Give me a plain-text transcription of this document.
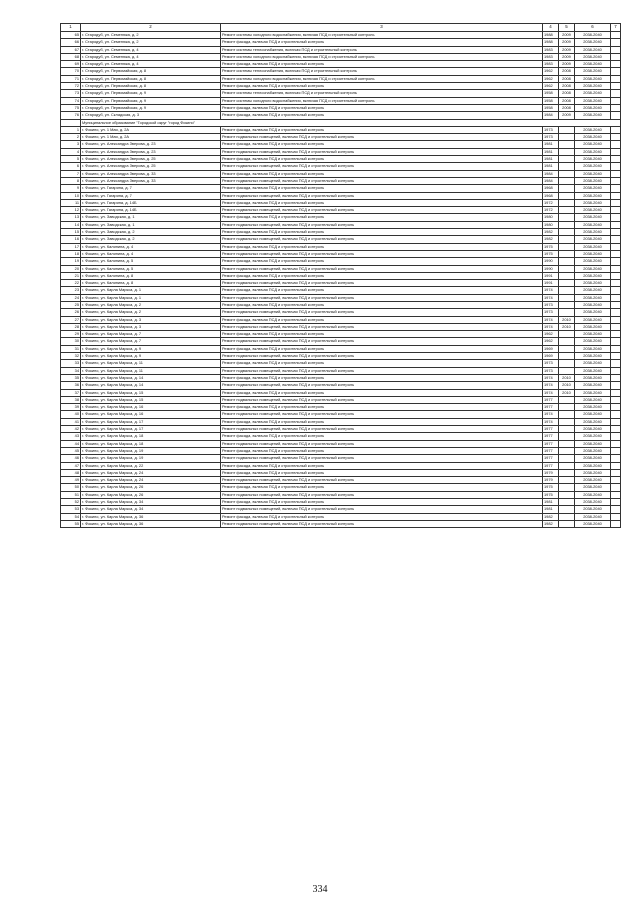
1	2	3	4	5	6	7
65	г. Стародуб, ул. Семенюка, д. 2	Ремонт системы холодного водоснабжения, включая ПСД и строительный контроль	1988	2009	2038-2040	
66	г. Стародуб, ул. Семенюка, д. 2	Ремонт фасада, включая ПСД и строительный контроль	1988	2009	2038-2040	
67	г. Стародуб, ул. Семенюка, д. 4	Ремонт системы теплоснабжения, включая ПСД и строительный контроль	1983	2009	2038-2040	
68	г. Стародуб, ул. Семенюка, д. 4	Ремонт системы холодного водоснабжения, включая ПСД и строительный контроль	1983	2009	2038-2040	
69	г. Стародуб, ул. Семенюка, д. 4	Ремонт фасада, включая ПСД и строительный контроль	1983	2009	2038-2040	
70	г. Стародуб, ул. Первомайская, д. 8	Ремонт системы теплоснабжения, включая ПСД и строительный контроль	1962	2008	2038-2040	
71	г. Стародуб, ул. Первомайская, д. 8	Ремонт системы холодного водоснабжения, включая ПСД и строительный контроль	1962	2008	2038-2040	
72	г. Стародуб, ул. Первомайская, д. 8	Ремонт фасада, включая ПСД и строительный контроль	1962	2008	2038-2040	
73	г. Стародуб, ул. Первомайская, д. 9	Ремонт системы теплоснабжения, включая ПСД и строительный контроль	1958	2008	2038-2040	
74	г. Стародуб, ул. Первомайская, д. 9	Ремонт системы холодного водоснабжения, включая ПСД и строительный контроль	1958	2008	2038-2040	
75	г. Стародуб, ул. Первомайская, д. 9	Ремонт фасада, включая ПСД и строительный контроль	1958	2008	2038-2040	
76	г. Стародуб, ул. Складская, д. 3	Ремонт фасада, включая ПСД и строительный контроль	1984	2009	2038-2040	
	Муниципальное образование "Городской округ "город Фокино"					
1	г. Фокино, ул. 1 Мая, д. 2А	Ремонт фасада, включая ПСД и строительный контроль	1973		2038-2040	
2	г. Фокино, ул. 1 Мая, д. 2А	Ремонт подвальных помещений, включая ПСД и строительный контроль	1973		2038-2040	
3	г. Фокино, ул. Александра Зверова, д. 23	Ремонт фасада, включая ПСД и строительный контроль	1981		2038-2040	
4	г. Фокино, ул. Александра Зверова, д. 23	Ремонт подвальных помещений, включая ПСД и строительный контроль	1981		2038-2040	
5	г. Фокино, ул. Александра Зверова, д. 25	Ремонт фасада, включая ПСД и строительный контроль	1981		2038-2040	
6	г. Фокино, ул. Александра Зверова, д. 25	Ремонт подвальных помещений, включая ПСД и строительный контроль	1981		2038-2040	
7	г. Фокино, ул. Александра Зверова, д. 33	Ремонт фасада, включая ПСД и строительный контроль	1984		2038-2040	
8	г. Фокино, ул. Александра Зверова, д. 33	Ремонт подвальных помещений, включая ПСД и строительный контроль	1984		2038-2040	
9	г. Фокино, ул. Гагарина, д. 7	Ремонт фасада, включая ПСД и строительный контроль	1968		2038-2040	
10	г. Фокино, ул. Гагарина, д. 7	Ремонт подвальных помещений, включая ПСД и строительный контроль	1968		2038-2040	
11	г. Фокино, ул. Гагарина, д. 14Б	Ремонт фасада, включая ПСД и строительный контроль	1972		2038-2040	
12	г. Фокино, ул. Гагарина, д. 14Б	Ремонт подвальных помещений, включая ПСД и строительный контроль	1972		2038-2040	
13	г. Фокино, ул. Заводская, д. 1	Ремонт фасада, включая ПСД и строительный контроль	1980		2038-2040	
14	г. Фокино, ул. Заводская, д. 1	Ремонт подвальных помещений, включая ПСД и строительный контроль	1980		2038-2040	
15	г. Фокино, ул. Заводская, д. 2	Ремонт фасада, включая ПСД и строительный контроль	1982		2038-2040	
16	г. Фокино, ул. Заводская, д. 2	Ремонт подвальных помещений, включая ПСД и строительный контроль	1982		2038-2040	
17	г. Фокино, ул. Калинина, д. 4	Ремонт фасада, включая ПСД и строительный контроль	1975		2038-2040	
18	г. Фокино, ул. Калинина, д. 4	Ремонт подвальных помещений, включая ПСД и строительный контроль	1975		2038-2040	
19	г. Фокино, ул. Калинина, д. 5	Ремонт фасада, включая ПСД и строительный контроль	1990		2038-2040	
20	г. Фокино, ул. Калинина, д. 5	Ремонт подвальных помещений, включая ПСД и строительный контроль	1990		2038-2040	
21	г. Фокино, ул. Калинина, д. 8	Ремонт фасада, включая ПСД и строительный контроль	1991		2038-2040	
22	г. Фокино, ул. Калинина, д. 8	Ремонт подвальных помещений, включая ПСД и строительный контроль	1991		2038-2040	
23	г. Фокино, ул. Карла Маркса, д. 1	Ремонт фасада, включая ПСД и строительный контроль	1974		2038-2040	
24	г. Фокино, ул. Карла Маркса, д. 1	Ремонт подвальных помещений, включая ПСД и строительный контроль	1974		2038-2040	
25	г. Фокино, ул. Карла Маркса, д. 2	Ремонт фасада, включая ПСД и строительный контроль	1973		2038-2040	
26	г. Фокино, ул. Карла Маркса, д. 2	Ремонт подвальных помещений, включая ПСД и строительный контроль	1973		2038-2040	
27	г. Фокино, ул. Карла Маркса, д. 3	Ремонт фасада, включая ПСД и строительный контроль	1974	2010	2038-2040	
28	г. Фокино, ул. Карла Маркса, д. 3	Ремонт подвальных помещений, включая ПСД и строительный контроль	1974	2010	2038-2040	
29	г. Фокино, ул. Карла Маркса, д. 7	Ремонт фасада, включая ПСД и строительный контроль	1962		2038-2040	
30	г. Фокино, ул. Карла Маркса, д. 7	Ремонт подвальных помещений, включая ПСД и строительный контроль	1962		2038-2040	
31	г. Фокино, ул. Карла Маркса, д. 9	Ремонт фасада, включая ПСД и строительный контроль	1969		2038-2040	
32	г. Фокино, ул. Карла Маркса, д. 9	Ремонт подвальных помещений, включая ПСД и строительный контроль	1969		2038-2040	
33	г. Фокино, ул. Карла Маркса, д. 11	Ремонт фасада, включая ПСД и строительный контроль	1973		2038-2040	
34	г. Фокино, ул. Карла Маркса, д. 11	Ремонт подвальных помещений, включая ПСД и строительный контроль	1973		2038-2040	
35	г. Фокино, ул. Карла Маркса, д. 14	Ремонт фасада, включая ПСД и строительный контроль	1974	2010	2038-2040	
36	г. Фокино, ул. Карла Маркса, д. 14	Ремонт подвальных помещений, включая ПСД и строительный контроль	1974	2010	2038-2040	
37	г. Фокино, ул. Карла Маркса, д. 15	Ремонт фасада, включая ПСД и строительный контроль	1974	2010	2038-2040	
38	г. Фокино, ул. Карла Маркса, д. 15	Ремонт подвальных помещений, включая ПСД и строительный контроль	1977		2038-2040	
39	г. Фокино, ул. Карла Маркса, д. 16	Ремонт фасада, включая ПСД и строительный контроль	1977		2038-2040	
40	г. Фокино, ул. Карла Маркса, д. 16	Ремонт подвальных помещений, включая ПСД и строительный контроль	1974		2038-2040	
41	г. Фокино, ул. Карла Маркса, д. 17	Ремонт фасада, включая ПСД и строительный контроль	1974		2038-2040	
42	г. Фокино, ул. Карла Маркса, д. 17	Ремонт подвальных помещений, включая ПСД и строительный контроль	1977		2038-2040	
43	г. Фокино, ул. Карла Маркса, д. 18	Ремонт фасада, включая ПСД и строительный контроль	1977		2038-2040	
44	г. Фокино, ул. Карла Маркса, д. 18	Ремонт подвальных помещений, включая ПСД и строительный контроль	1977		2038-2040	
45	г. Фокино, ул. Карла Маркса, д. 19	Ремонт фасада, включая ПСД и строительный контроль	1977		2038-2040	
46	г. Фокино, ул. Карла Маркса, д. 19	Ремонт подвальных помещений, включая ПСД и строительный контроль	1977		2038-2040	
47	г. Фокино, ул. Карла Маркса, д. 22	Ремонт фасада, включая ПСД и строительный контроль	1977		2038-2040	
48	г. Фокино, ул. Карла Маркса, д. 24	Ремонт фасада, включая ПСД и строительный контроль	1979		2038-2040	
49	г. Фокино, ул. Карла Маркса, д. 24	Ремонт подвальных помещений, включая ПСД и строительный контроль	1979		2038-2040	
50	г. Фокино, ул. Карла Маркса, д. 26	Ремонт фасада, включая ПСД и строительный контроль	1975		2038-2040	
51	г. Фокино, ул. Карла Маркса, д. 26	Ремонт подвальных помещений, включая ПСД и строительный контроль	1975		2038-2040	
52	г. Фокино, ул. Карла Маркса, д. 34	Ремонт фасада, включая ПСД и строительный контроль	1981		2038-2040	
53	г. Фокино, ул. Карла Маркса, д. 34	Ремонт подвальных помещений, включая ПСД и строительный контроль	1981		2038-2040	
54	г. Фокино, ул. Карла Маркса, д. 36	Ремонт фасада, включая ПСД и строительный контроль	1982		2038-2040	
55	г. Фокино, ул. Карла Маркса, д. 36	Ремонт подвальных помещений, включая ПСД и строительный контроль	1982		2038-2040	
334
